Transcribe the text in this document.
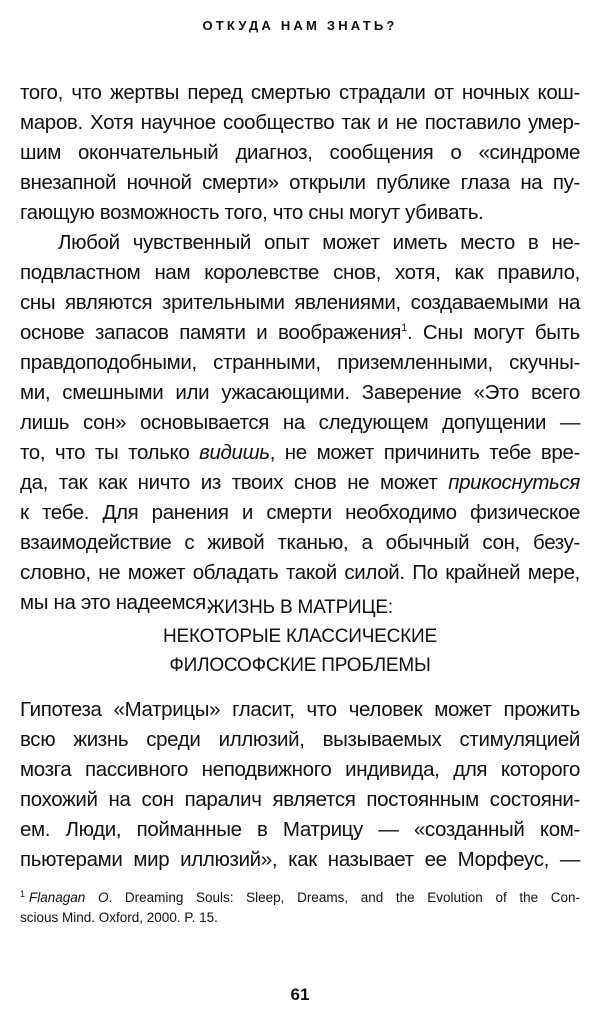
ОТКУДА НАМ ЗНАТЬ?
того, что жертвы перед смертью страдали от ночных кош-
маров. Хотя научное сообщество так и не поставило умер-
шим окончательный диагноз, сообщения о «синдроме
внезапной ночной смерти» открыли публике глаза на пу-
гающую возможность того, что сны могут убивать.
Любой чувственный опыт может иметь место в не-
подвластном нам королевстве снов, хотя, как правило,
сны являются зрительными явлениями, создаваемыми на
основе запасов памяти и воображения$^1$. Сны могут быть
правдоподобными, странными, приземленными, скучны-
ми, смешными или ужасающими. Заверение «Это всего
лишь сон» основывается на следующем допущении —
то, что ты только видишь, не может причинить тебе вре-
да, так как ничто из твоих снов не может прикоснуться
к тебе. Для ранения и смерти необходимо физическое
взаимодействие с живой тканью, а обычный сон, безу-
словно, не может обладать такой силой. По крайней мере,
мы на это надеемся.
ЖИЗНЬ В МАТРИЦЕ:
НЕКОТОРЫЕ КЛАССИЧЕСКИЕ
ФИЛОСОФСКИЕ ПРОБЛЕМЫ
Гипотеза «Матрицы» гласит, что человек может прожить
всю жизнь среди иллюзий, вызываемых стимуляцией
мозга пассивного неподвижного индивида, для которого
похожий на сон паралич является постоянным состояни-
ем. Люди, пойманные в Матрицу — «созданный ком-
пьютерами мир иллюзий», как называет ее Морфеус, —
$^1$ Flanagan O. Dreaming Souls: Sleep, Dreams, and the Evolution of the Con-
scious Mind. Oxford, 2000. P. 15.
61
